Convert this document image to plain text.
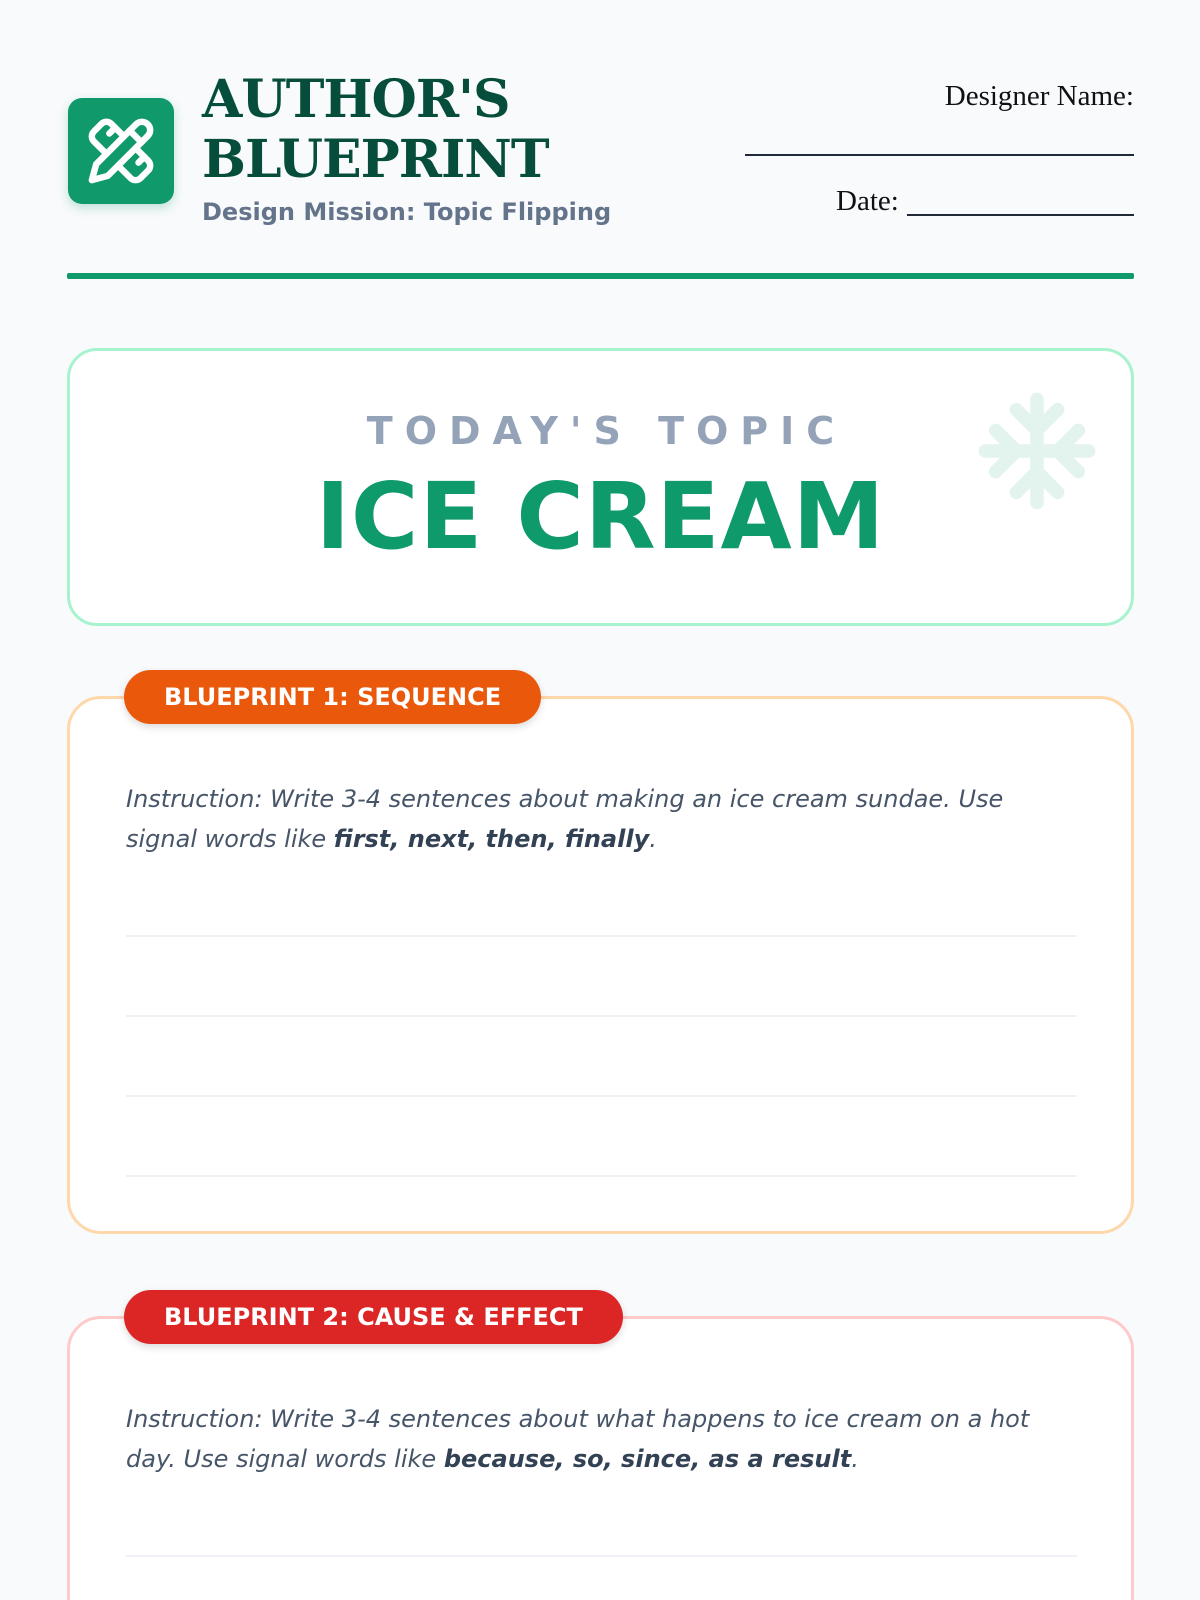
AUTHOR'S
BLUEPRINT
Design Mission: Topic Flipping
Designer Name:
Date:
TODAY'S TOPIC
ICE CREAM
Instruction: Write 3-4 sentences about making an ice cream sundae. Use signal words like first, next, then, finally.
BLUEPRINT 1: SEQUENCE
Instruction: Write 3-4 sentences about what happens to ice cream on a hot day. Use signal words like because, so, since, as a result.
BLUEPRINT 2: CAUSE & EFFECT
